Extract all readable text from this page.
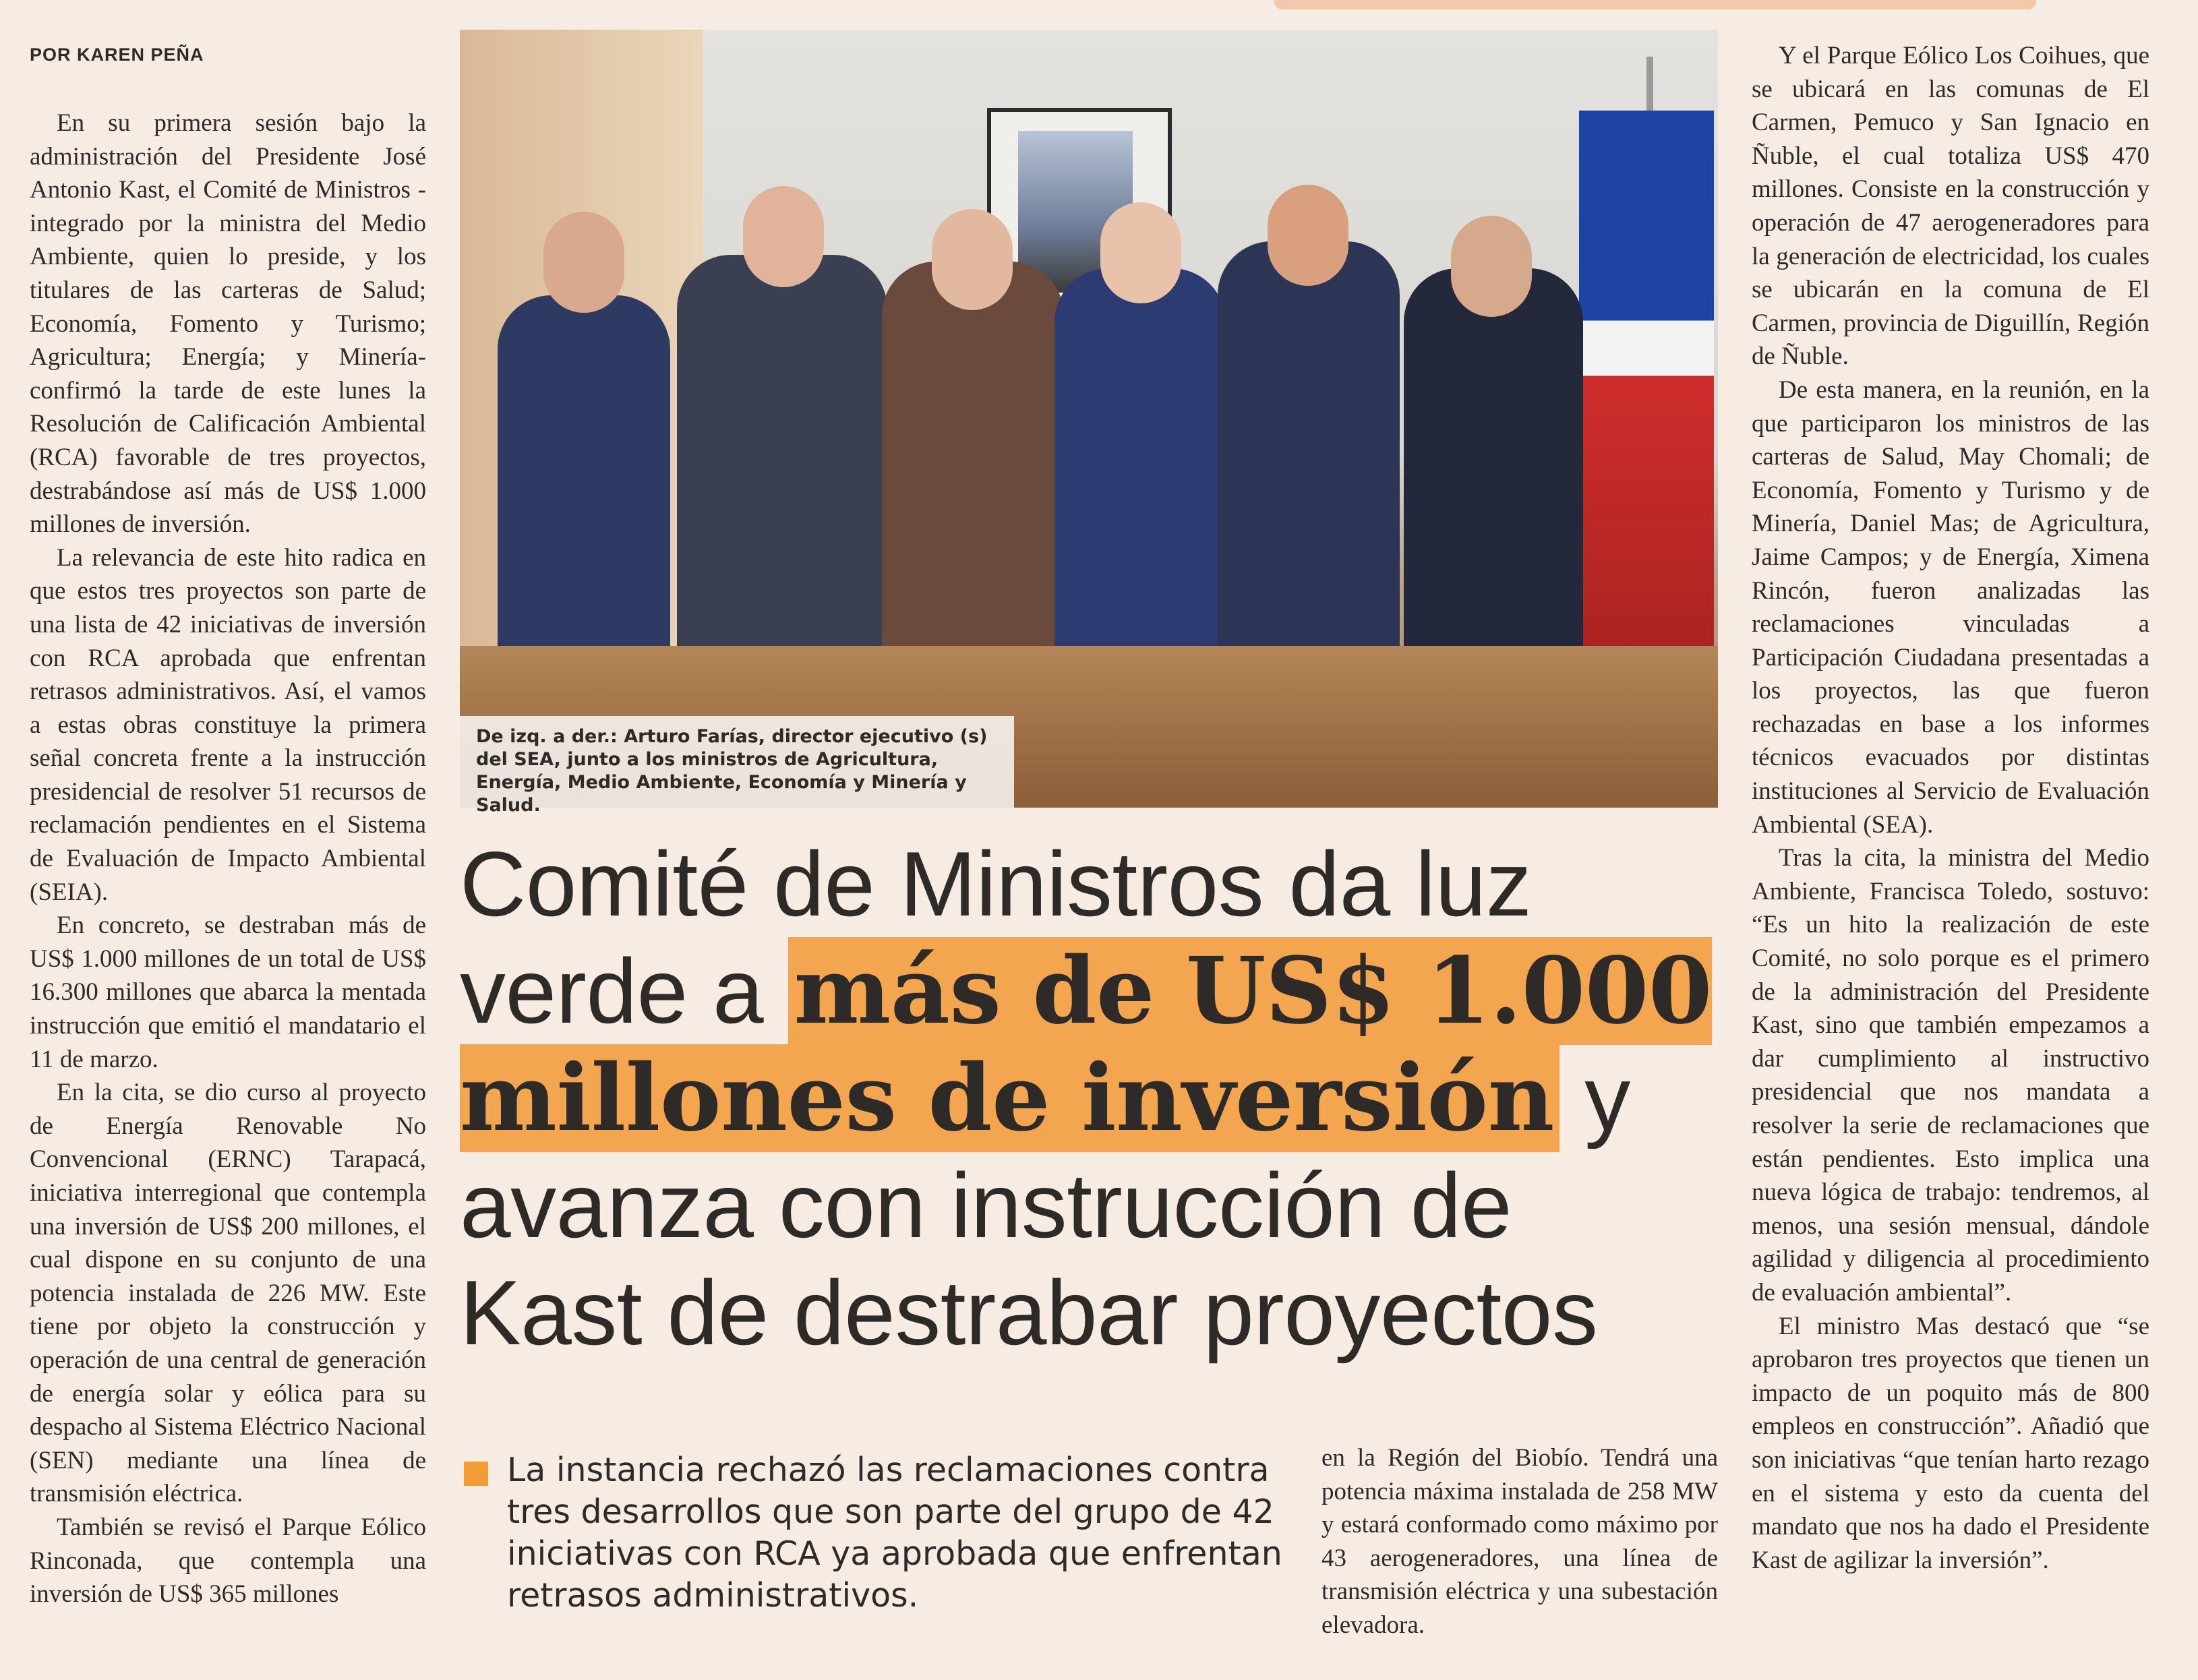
POR KAREN PEÑA

En su primera sesión bajo la administración del Presidente José Antonio Kast, el Comité de Ministros -integrado por la ministra del Medio Ambiente, quien lo preside, y los titulares de las carteras de Salud; Economía, Fomento y Turismo; Agricultura; Energía; y Minería- confirmó la tarde de este lunes la Resolución de Calificación Ambiental (RCA) favorable de tres proyectos, destrabándose así más de US$ 1.000 millones de inversión.

La relevancia de este hito radica en que estos tres proyectos son parte de una lista de 42 iniciativas de inversión con RCA aprobada que enfrentan retrasos administrativos. Así, el vamos a estas obras constituye la primera señal concreta frente a la instrucción presidencial de resolver 51 recursos de reclamación pendientes en el Sistema de Evaluación de Impacto Ambiental (SEIA).

En concreto, se destraban más de US$ 1.000 millones de un total de US$ 16.300 millones que abarca la mentada instrucción que emitió el mandatario el 11 de marzo.

En la cita, se dio curso al proyecto de Energía Renovable No Convencional (ERNC) Tarapacá, iniciativa interregional que contempla una inversión de US$ 200 millones, el cual dispone en su conjunto de una potencia instalada de 226 MW. Este tiene por objeto la construcción y operación de una central de generación de energía solar y eólica para su despacho al Sistema Eléctrico Nacional (SEN) mediante una línea de transmisión eléctrica.

También se revisó el Parque Eólico Rinconada, que contempla una inversión de US$ 365 millones

De izq. a der.: Arturo Farías, director ejecutivo (s) del SEA, junto a los ministros de Agricultura, Energía, Medio Ambiente, Economía y Minería y Salud.
Comité de Ministros da luz verde a más de US$ 1.000 millones de inversión y avanza con instrucción de Kast de destrabar proyectos
La instancia rechazó las reclamaciones contra tres desarrollos que son parte del grupo de 42 iniciativas con RCA ya aprobada que enfrentan retrasos administrativos.

en la Región del Biobío. Tendrá una potencia máxima instalada de 258 MW y estará conformado como máximo por 43 aerogeneradores, una línea de transmisión eléctrica y una subestación elevadora.

Y el Parque Eólico Los Coihues, que se ubicará en las comunas de El Carmen, Pemuco y San Ignacio en Ñuble, el cual totaliza US$ 470 millones. Consiste en la construcción y operación de 47 aerogeneradores para la generación de electricidad, los cuales se ubicarán en la comuna de El Carmen, provincia de Diguillín, Región de Ñuble.

De esta manera, en la reunión, en la que participaron los ministros de las carteras de Salud, May Chomali; de Economía, Fomento y Turismo y de Minería, Daniel Mas; de Agricultura, Jaime Campos; y de Energía, Ximena Rincón, fueron analizadas las reclamaciones vinculadas a Participación Ciudadana presentadas a los proyectos, las que fueron rechazadas en base a los informes técnicos evacuados por distintas instituciones al Servicio de Evaluación Ambiental (SEA).

Tras la cita, la ministra del Medio Ambiente, Francisca Toledo, sostuvo: “Es un hito la realización de este Comité, no solo porque es el primero de la administración del Presidente Kast, sino que también empezamos a dar cumplimiento al instructivo presidencial que nos mandata a resolver la serie de reclamaciones que están pendientes. Esto implica una nueva lógica de trabajo: tendremos, al menos, una sesión mensual, dándole agilidad y diligencia al procedimiento de evaluación ambiental”.

El ministro Mas destacó que “se aprobaron tres proyectos que tienen un impacto de un poquito más de 800 empleos en construcción”. Añadió que son iniciativas “que tenían harto rezago en el sistema y esto da cuenta del mandato que nos ha dado el Presidente Kast de agilizar la inversión”.
